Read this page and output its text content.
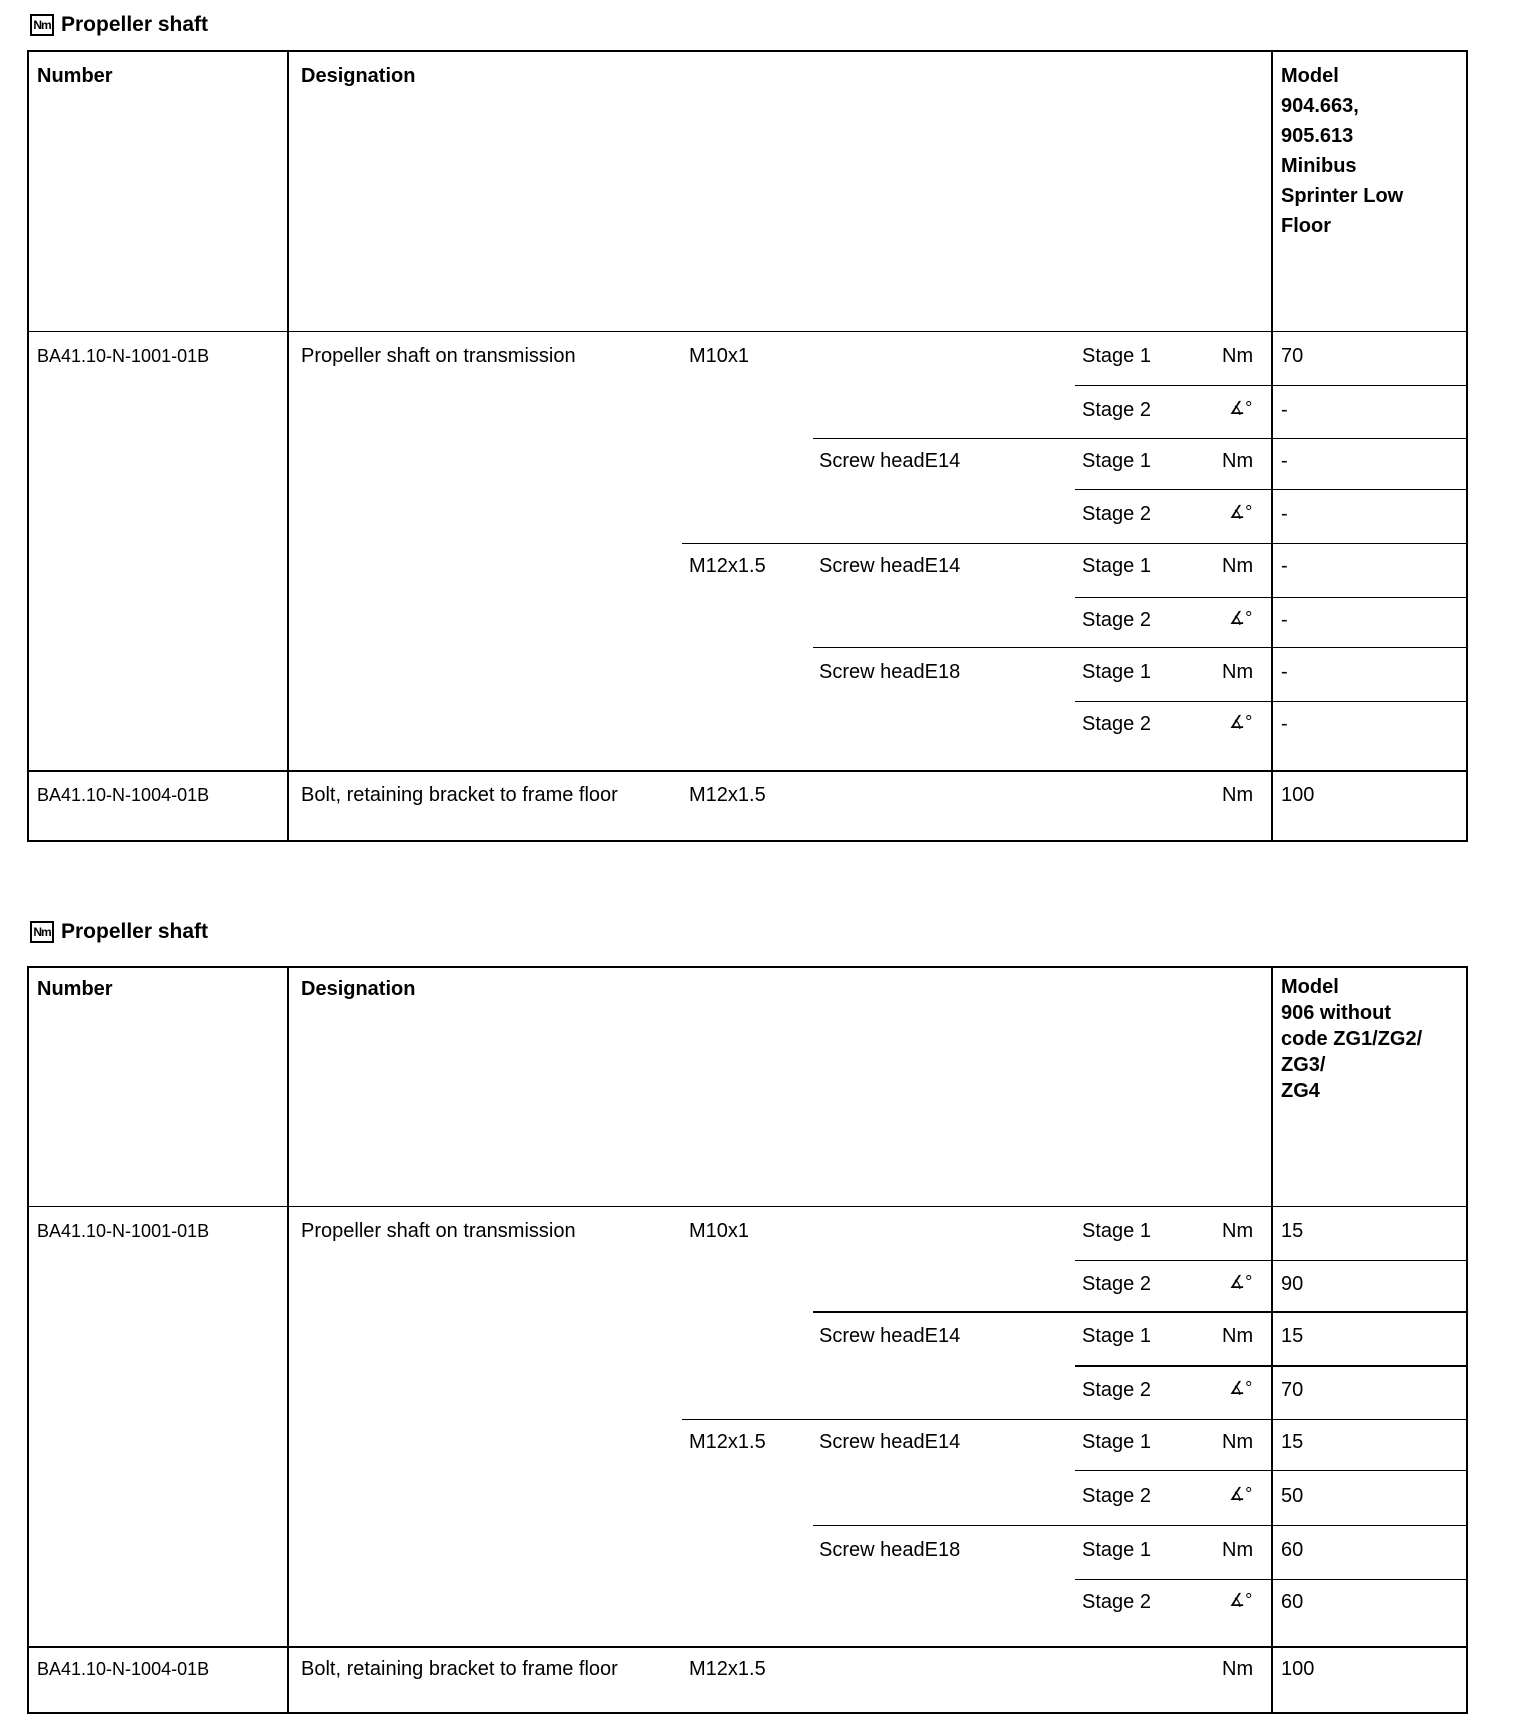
Nm Propeller shaft
Number	Designation	Model
904.663,
905.613
Minibus
Sprinter Low
Floor
BA41.10-N-1001-01B	Propeller shaft on transmission	M10x1	Stage 1	Nm 70
Stage 2	∡° -
Screw headE14	Stage 1	Nm -
Stage 2	∡° -
M12x1.5	Screw headE14	Stage 1	Nm -
Stage 2	∡° -
Screw headE18	Stage 1	Nm -
Stage 2	∡° -
BA41.10-N-1004-01B	Bolt, retaining bracket to frame floor	M12x1.5	Nm 100
Nm Propeller shaft
Number	Designation	Model
906 without
code ZG1/ZG2/
ZG3/
ZG4
BA41.10-N-1001-01B	Propeller shaft on transmission	M10x1	Stage 1	Nm 15
Stage 2	∡° 90
Screw headE14	Stage 1	Nm 15
Stage 2	∡° 70
M12x1.5	Screw headE14	Stage 1	Nm 15
Stage 2	∡° 50
Screw headE18	Stage 1	Nm 60
Stage 2	∡° 60
BA41.10-N-1004-01B	Bolt, retaining bracket to frame floor	M12x1.5	Nm 100
